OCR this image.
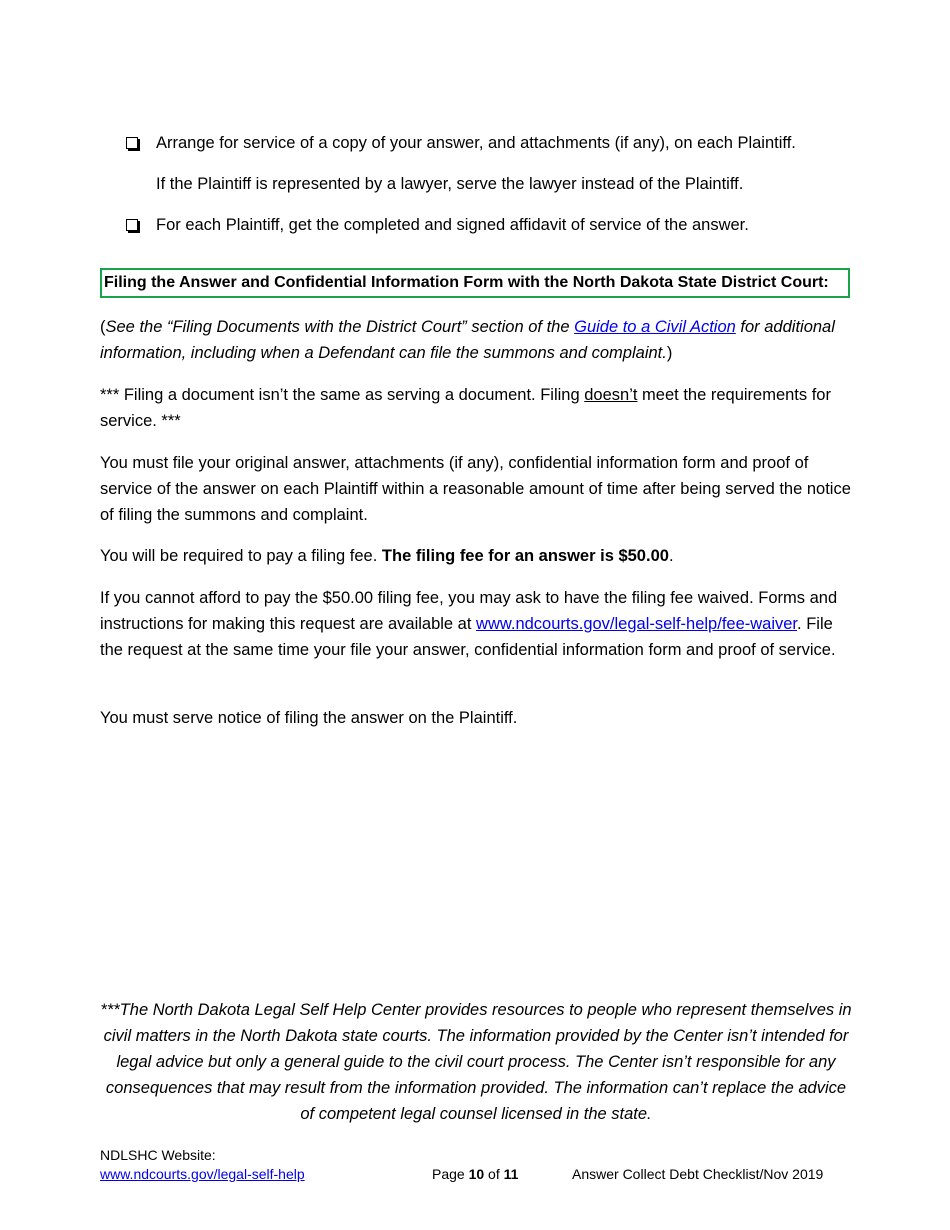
Arrange for service of a copy of your answer, and attachments (if any), on each Plaintiff.
If the Plaintiff is represented by a lawyer, serve the lawyer instead of the Plaintiff.
For each Plaintiff, get the completed and signed affidavit of service of the answer.
Filing the Answer and Confidential Information Form with the North Dakota State District Court:
(See the “Filing Documents with the District Court” section of the Guide to a Civil Action for additional information, including when a Defendant can file the summons and complaint.)
*** Filing a document isn’t the same as serving a document. Filing doesn’t meet the requirements for service. ***
You must file your original answer, attachments (if any), confidential information form and proof of service of the answer on each Plaintiff within a reasonable amount of time after being served the notice of filing the summons and complaint.
You will be required to pay a filing fee. The filing fee for an answer is $50.00.
If you cannot afford to pay the $50.00 filing fee, you may ask to have the filing fee waived. Forms and instructions for making this request are available at www.ndcourts.gov/legal-self-help/fee-waiver. File the request at the same time your file your answer, confidential information form and proof of service.
You must serve notice of filing the answer on the Plaintiff.
***The North Dakota Legal Self Help Center provides resources to people who represent themselves in civil matters in the North Dakota state courts. The information provided by the Center isn’t intended for legal advice but only a general guide to the civil court process. The Center isn’t responsible for any consequences that may result from the information provided. The information can’t replace the advice of competent legal counsel licensed in the state.
NDLSHC Website:
www.ndcourts.gov/legal-self-help	Page 10 of 11	Answer Collect Debt Checklist/Nov 2019
